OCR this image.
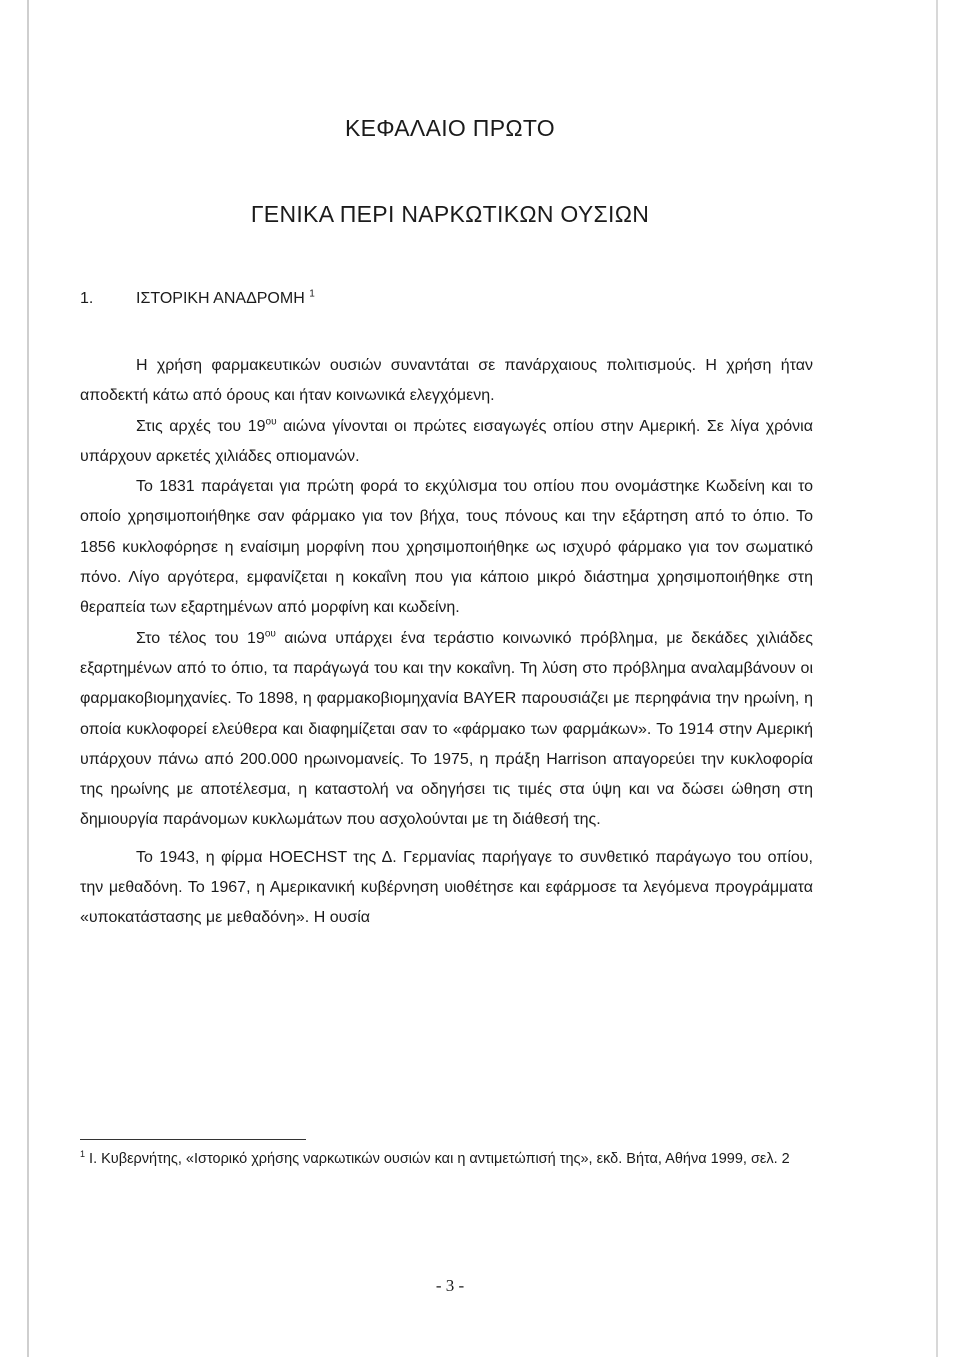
ΚΕΦΑΛΑΙΟ ΠΡΩΤΟ
ΓΕΝΙΚΑ ΠΕΡΙ ΝΑΡΚΩΤΙΚΩΝ ΟΥΣΙΩΝ
1.	ΙΣΤΟΡΙΚΗ ΑΝΑΔΡΟΜΗ $^1$

Η χρήση φαρμακευτικών ουσιών συναντάται σε πανάρχαιους πολιτισμούς. Η χρήση ήταν αποδεκτή κάτω από όρους και ήταν κοινωνικά ελεγχόμενη.

Στις αρχές του $19^{o\upsilon}$ αιώνα γίνονται οι πρώτες εισαγωγές οπίου στην Αμερική. Σε λίγα χρόνια υπάρχουν αρκετές χιλιάδες οπιομανών.

Το 1831 παράγεται για πρώτη φορά το εκχύλισμα του οπίου που ονομάστηκε Κωδείνη και το οποίο χρησιμοποιήθηκε σαν φάρμακο για τον βήχα, τους πόνους και την εξάρτηση από το όπιο. Το 1856 κυκλοφόρησε η εναίσιμη μορφίνη που χρησιμοποιήθηκε ως ισχυρό φάρμακο για τον σωματικό πόνο. Λίγο αργότερα, εμφανίζεται η κοκαΐνη που για κάποιο μικρό διάστημα χρησιμοποιήθηκε στη θεραπεία των εξαρτημένων από μορφίνη και κωδείνη.

Στο τέλος του $19^{o\upsilon}$ αιώνα υπάρχει ένα τεράστιο κοινωνικό πρόβλημα, με δεκάδες χιλιάδες εξαρτημένων από το όπιο, τα παράγωγά του και την κοκαΐνη. Τη λύση στο πρόβλημα αναλαμβάνουν οι φαρμακοβιομηχανίες. Το 1898, η φαρμακοβιομηχανία BAYER παρουσιάζει με περηφάνια την ηρωίνη, η οποία κυκλοφορεί ελεύθερα και διαφημίζεται σαν το «φάρμακο των φαρμάκων». Το 1914 στην Αμερική υπάρχουν πάνω από 200.000 ηρωινομανείς. Το 1975, η πράξη Harrison απαγορεύει την κυκλοφορία της ηρωίνης με αποτέλεσμα, η καταστολή να οδηγήσει τις τιμές στα ύψη και να δώσει ώθηση στη δημιουργία παράνομων κυκλωμάτων που ασχολούνται με τη διάθεσή της.

Το 1943, η φίρμα HOECHST της Δ. Γερμανίας παρήγαγε το συνθετικό παράγωγο του οπίου, την μεθαδόνη. Το 1967, η Αμερικανική κυβέρνηση υιοθέτησε και εφάρμοσε τα λεγόμενα προγράμματα «υποκατάστασης με μεθαδόνη». Η ουσία

$^1$ Ι. Κυβερνήτης, «Ιστορικό χρήσης ναρκωτικών ουσιών και η αντιμετώπισή της», εκδ. Βήτα, Αθήνα 1999, σελ. 2

- 3 -
